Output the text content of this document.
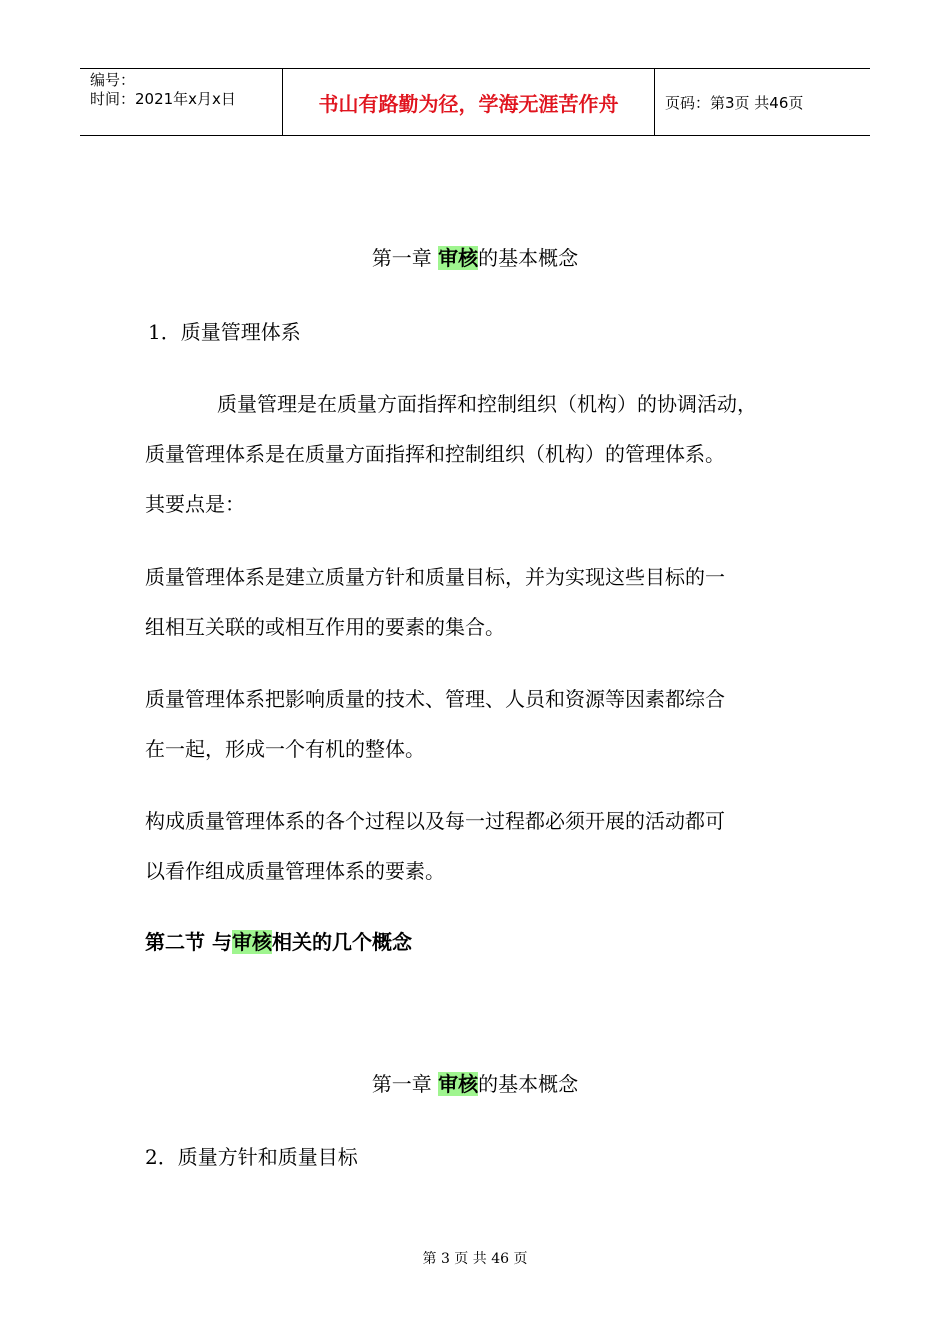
编号：
时间：2021年x月x日	书山有路勤为径，学海无涯苦作舟	页码：第3页 共46页
第一章 审核的基本概念
1．质量管理体系
质量管理是在质量方面指挥和控制组织（机构）的协调活动，
质量管理体系是在质量方面指挥和控制组织（机构）的管理体系。
其要点是：
质量管理体系是建立质量方针和质量目标，并为实现这些目标的一
组相互关联的或相互作用的要素的集合。
质量管理体系把影响质量的技术、管理、人员和资源等因素都综合
在一起，形成一个有机的整体。
构成质量管理体系的各个过程以及每一过程都必须开展的活动都可
以看作组成质量管理体系的要素。
第二节 与审核相关的几个概念
第一章 审核的基本概念
2．质量方针和质量目标
第 3 页 共 46 页
